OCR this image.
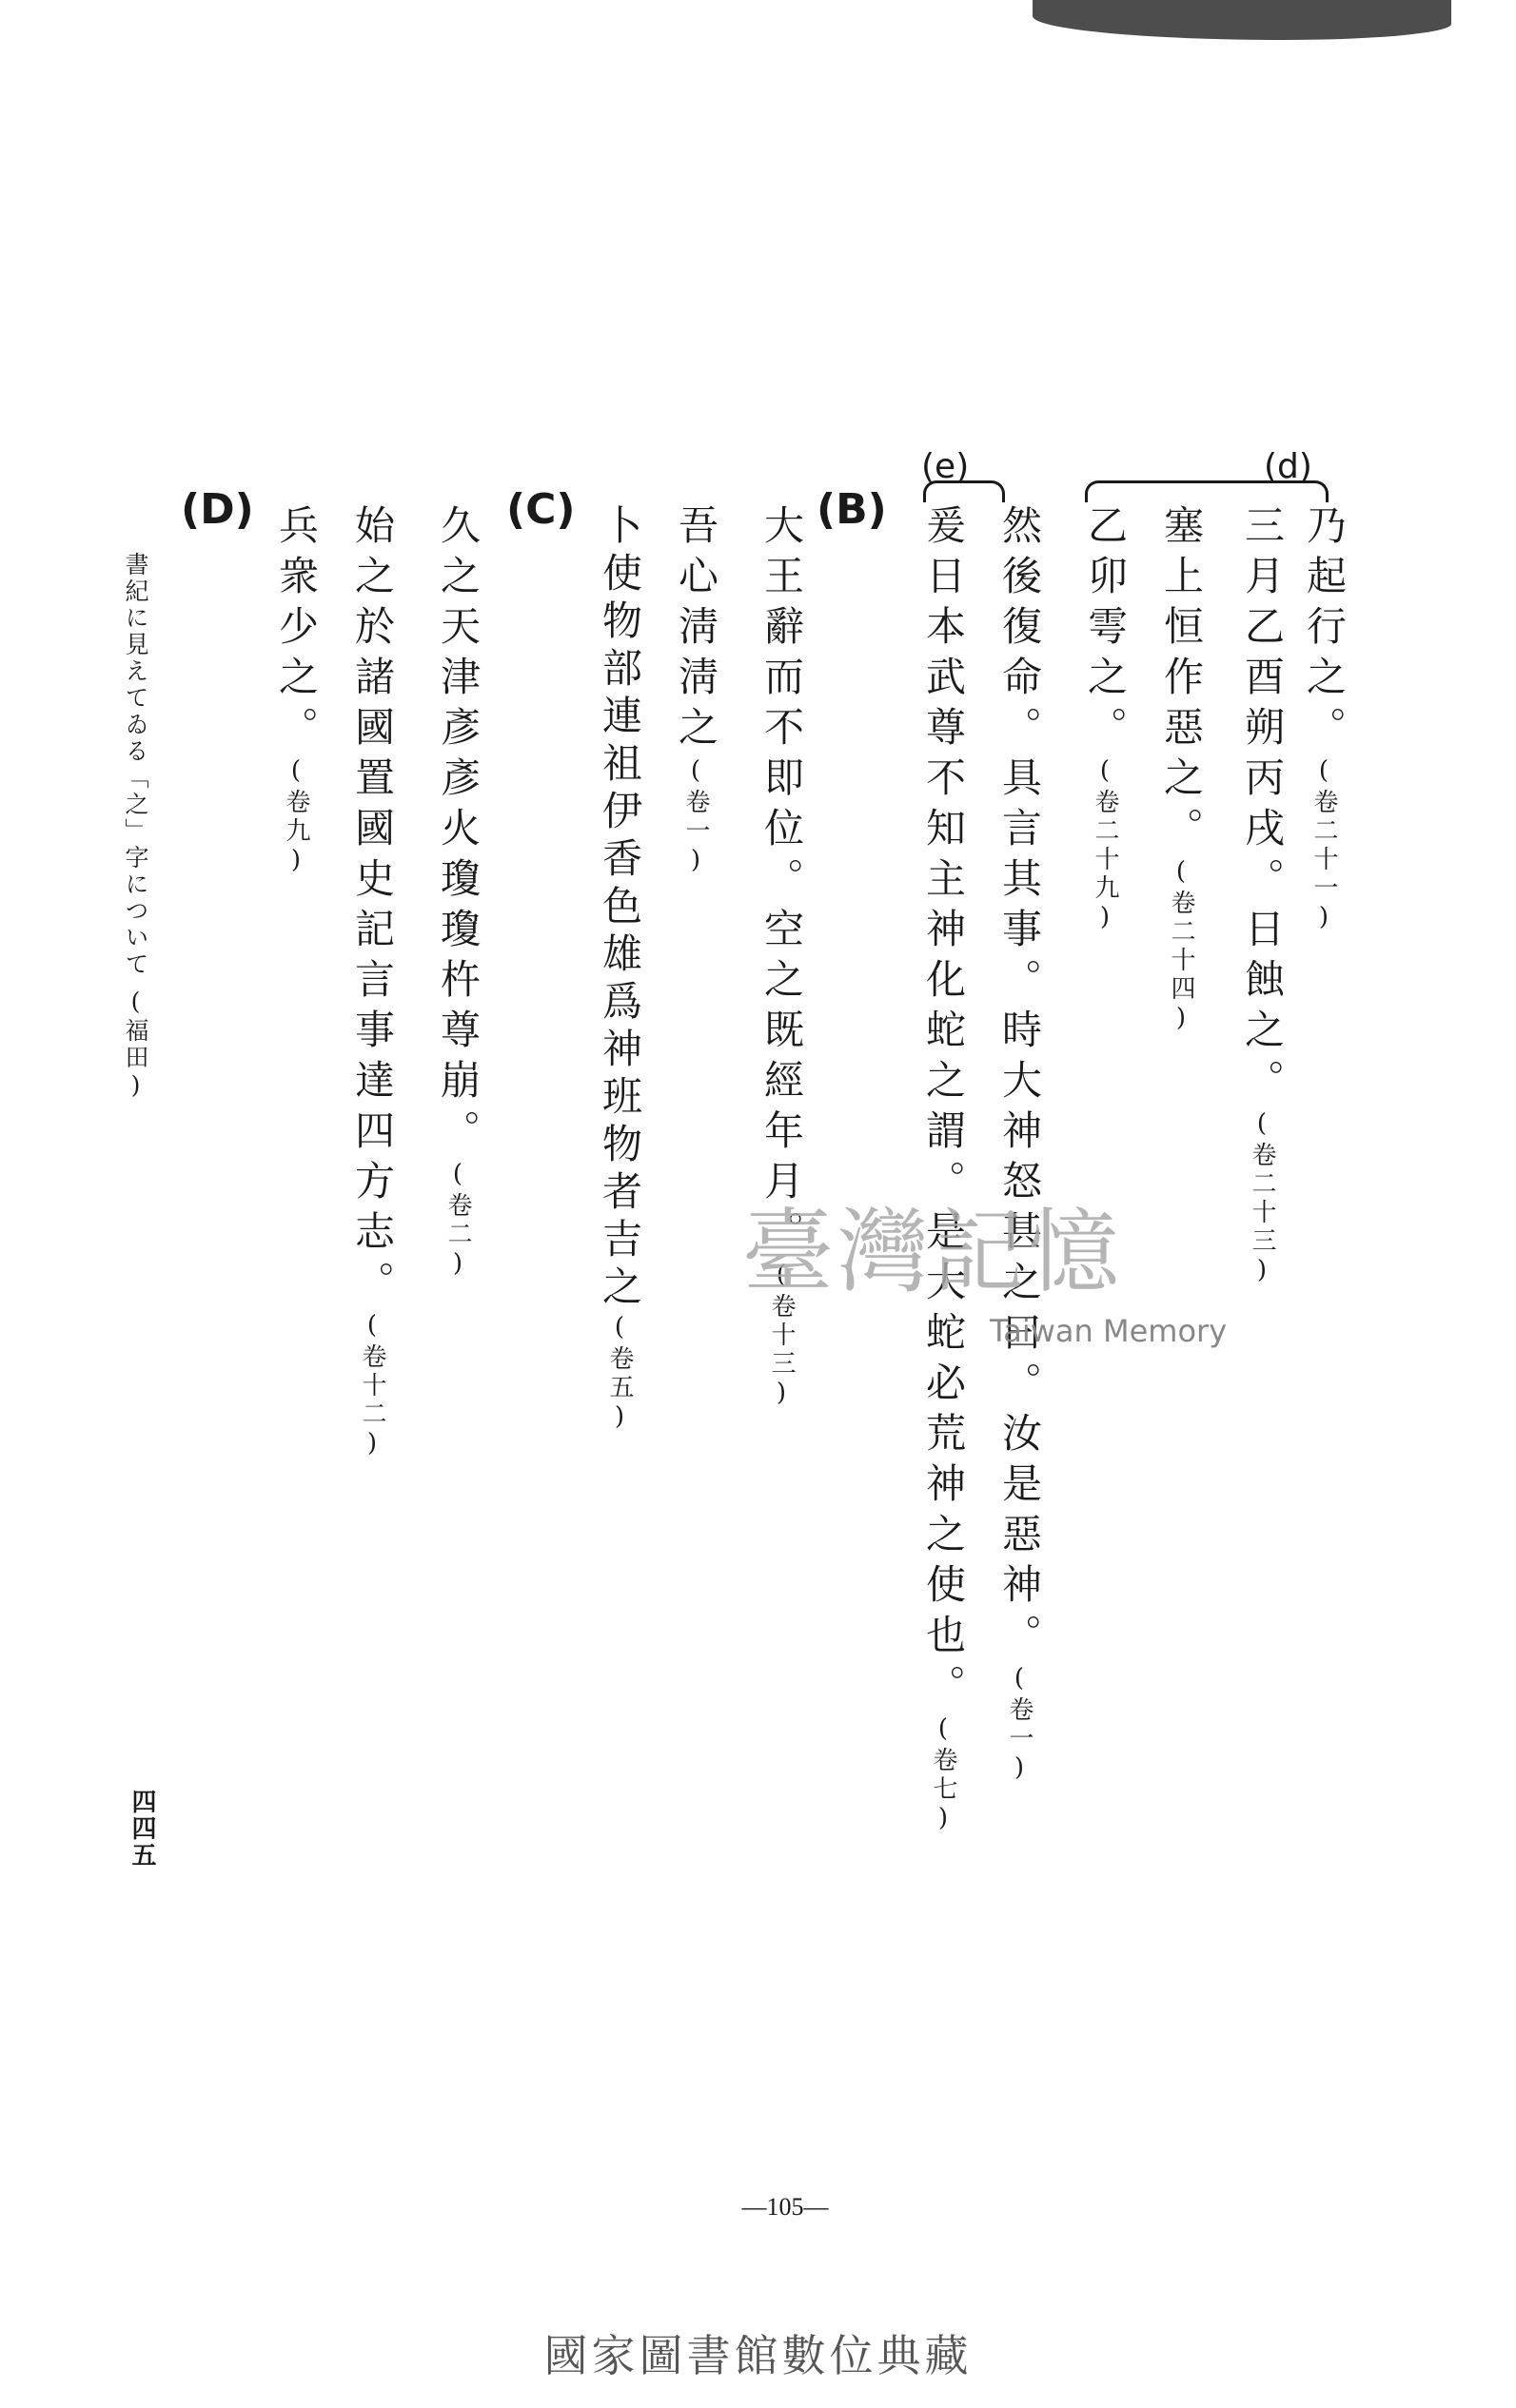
(d)
(e)
(B)
(C)
(D)	乃起行之。(卷二十一)
三月乙酉朔丙戌。日蝕之。(卷二十三)
塞上恒作惡之。(卷二十四)
乙卯雩之。(卷二十九)
然後復命。具言其事。時大神怒甚之曰。汝是惡神。(卷一)
爰日本武尊不知主神化蛇之謂。是大蛇必荒神之使也。(卷七)
大王辭而不即位。空之既經年月。(卷十三)
吾心淸淸之(卷一)
卜使物部連祖伊香色雄爲神班物者吉之(卷五)
久之天津彥彥火瓊瓊杵尊崩。(卷二)
始之於諸國置國史記言事達四方志。(卷十二)
兵衆少之。(卷九)
書紀に見えてゐる「之」字について(福田)
四四五
臺灣記憶
Taiwan Memory
—105—
國家圖書館數位典藏
